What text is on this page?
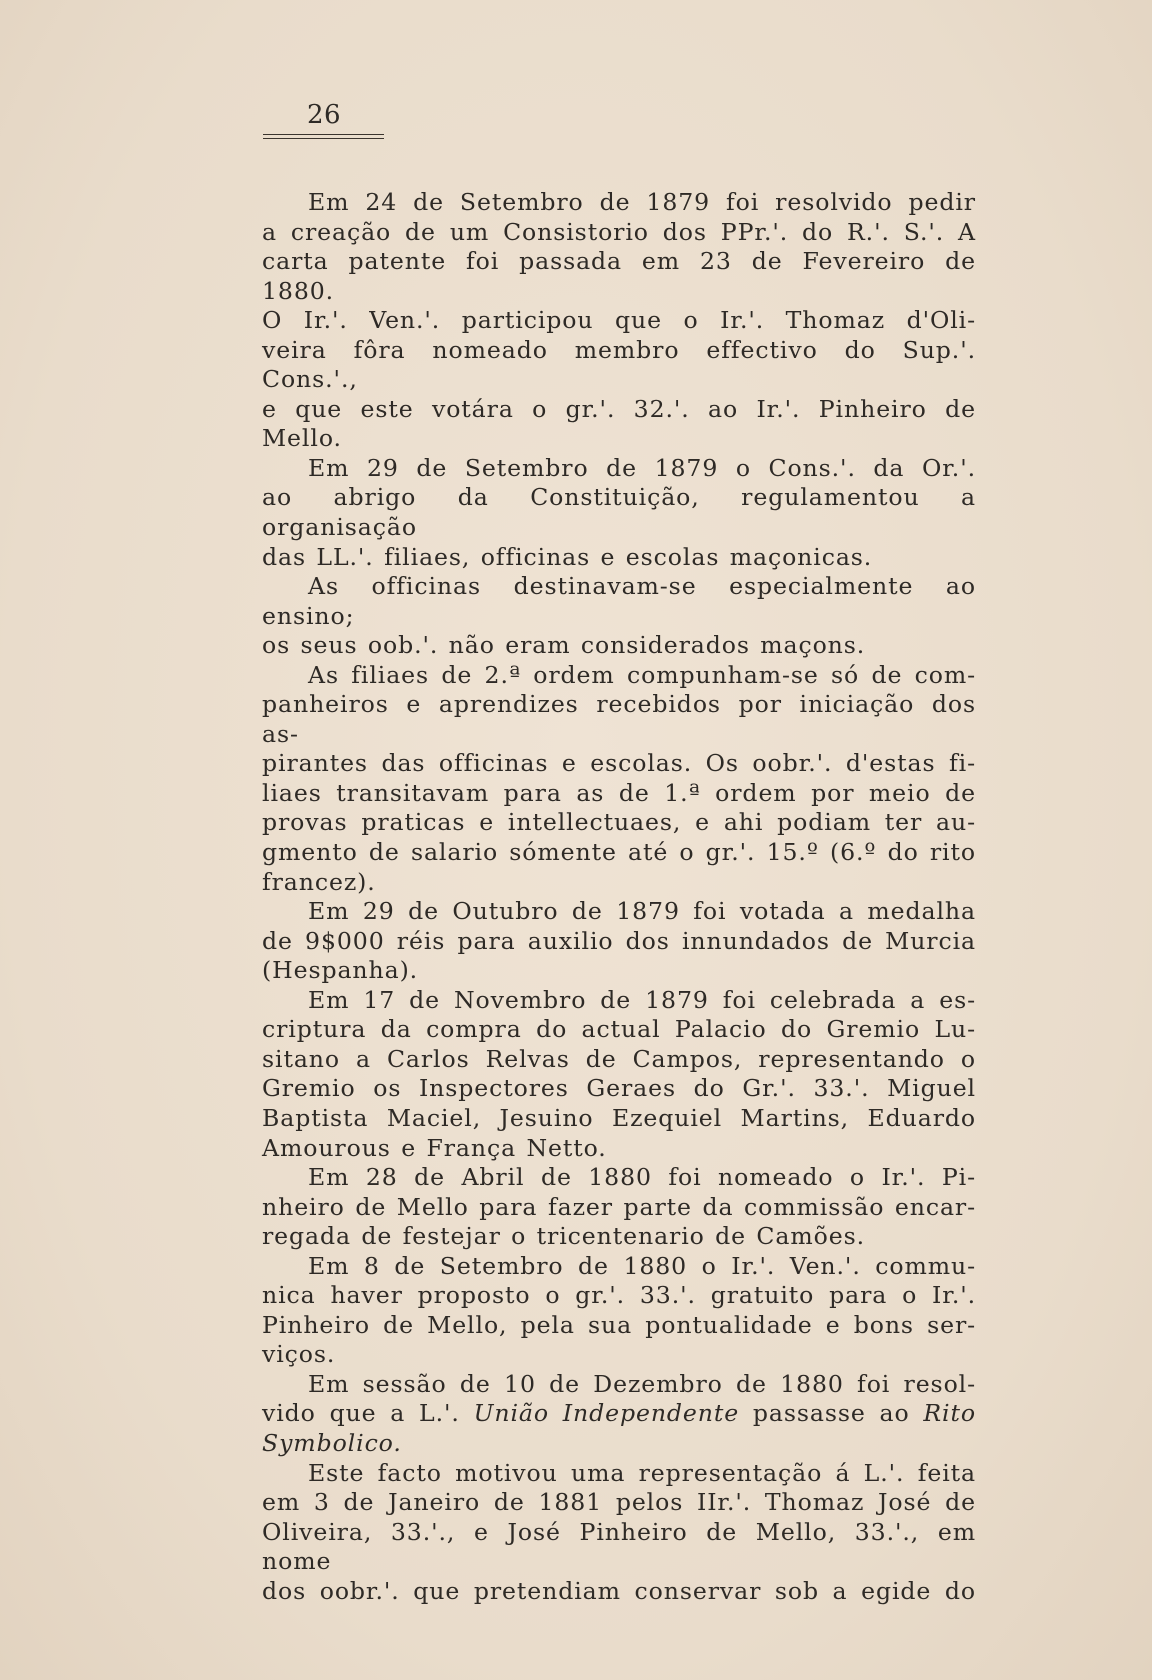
26

Em 24 de Setembro de 1879 foi resolvido pedir
a creação de um Consistorio dos PPr.'. do R.'. S.'. A
carta patente foi passada em 23 de Fevereiro de 1880.
O Ir.'. Ven.'. participou que o Ir.'. Thomaz d'Oli-
veira fôra nomeado membro effectivo do Sup.'. Cons.'.,
e que este votára o gr.'. 32.'. ao Ir.'. Pinheiro de
Mello.

Em 29 de Setembro de 1879 o Cons.'. da Or.'.
ao abrigo da Constituição, regulamentou a organisação
das LL.'. filiaes, officinas e escolas maçonicas.

As officinas destinavam-se especialmente ao ensino;
os seus oob.'. não eram considerados maçons.

As filiaes de 2.ª ordem compunham-se só de com-
panheiros e aprendizes recebidos por iniciação dos as-
pirantes das officinas e escolas. Os oobr.'. d'estas fi-
liaes transitavam para as de 1.ª ordem por meio de
provas praticas e intellectuaes, e ahi podiam ter au-
gmento de salario sómente até o gr.'. 15.º (6.º do rito
francez).

Em 29 de Outubro de 1879 foi votada a medalha
de 9$000 réis para auxilio dos innundados de Murcia
(Hespanha).

Em 17 de Novembro de 1879 foi celebrada a es-
criptura da compra do actual Palacio do Gremio Lu-
sitano a Carlos Relvas de Campos, representando o
Gremio os Inspectores Geraes do Gr.'. 33.'. Miguel
Baptista Maciel, Jesuino Ezequiel Martins, Eduardo
Amourous e França Netto.

Em 28 de Abril de 1880 foi nomeado o Ir.'. Pi-
nheiro de Mello para fazer parte da commissão encar-
regada de festejar o tricentenario de Camões.

Em 8 de Setembro de 1880 o Ir.'. Ven.'. commu-
nica haver proposto o gr.'. 33.'. gratuito para o Ir.'.
Pinheiro de Mello, pela sua pontualidade e bons ser-
viços.

Em sessão de 10 de Dezembro de 1880 foi resol-
vido que a L.'. União Independente passasse ao Rito
Symbolico.

Este facto motivou uma representação á L.'. feita
em 3 de Janeiro de 1881 pelos IIr.'. Thomaz José de
Oliveira, 33.'., e José Pinheiro de Mello, 33.'., em nome
dos oobr.'. que pretendiam conservar sob a egide do
